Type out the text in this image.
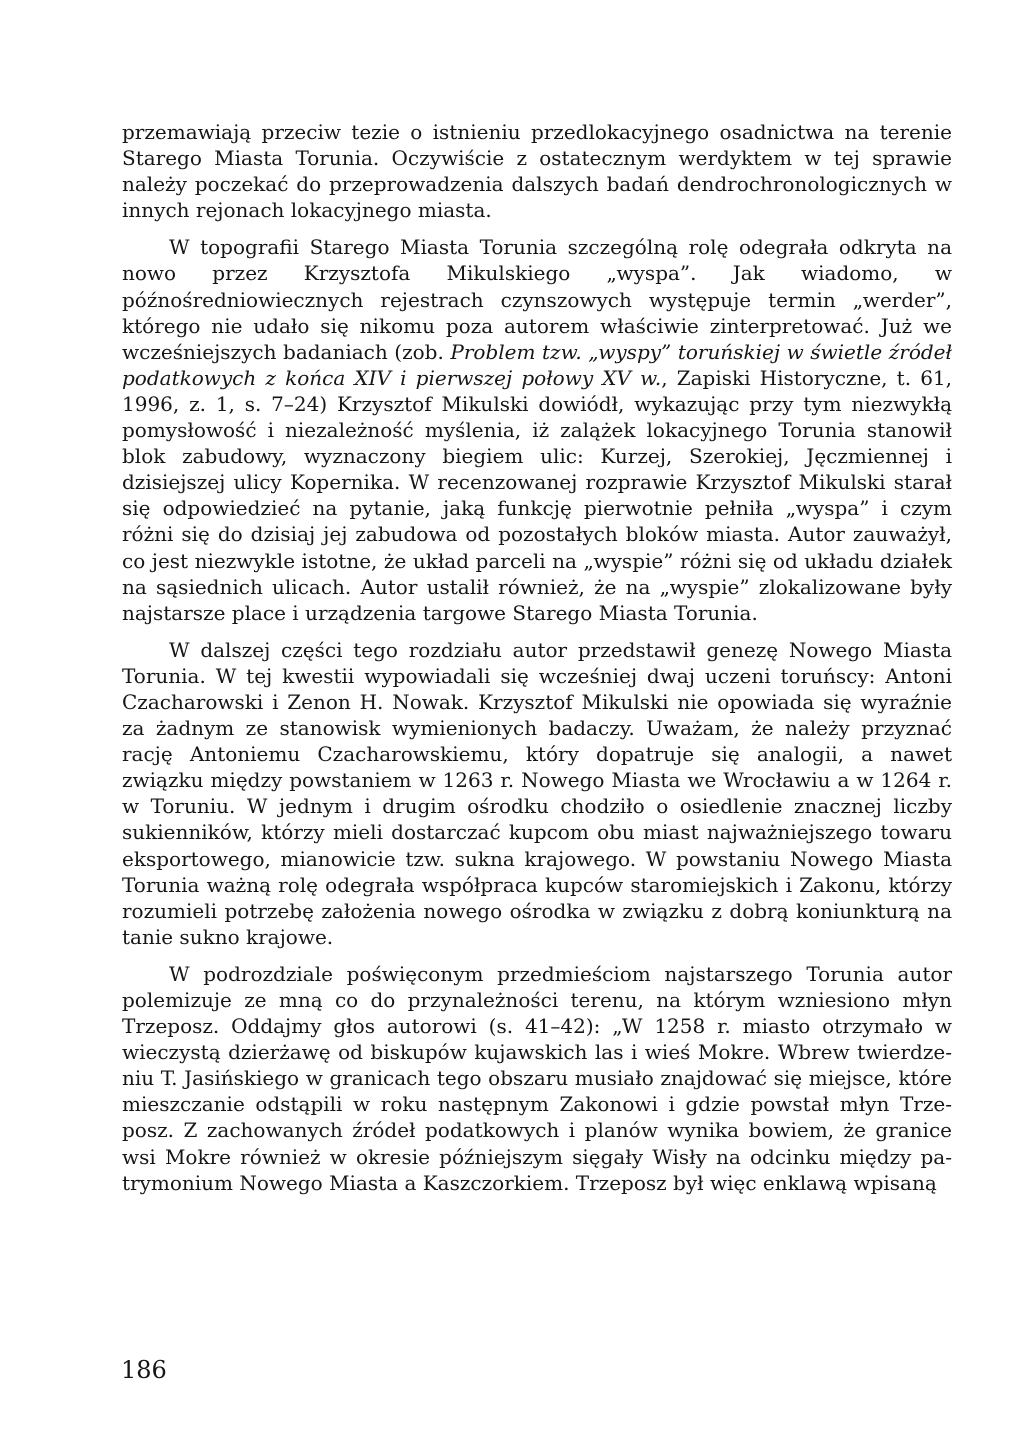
przemawiają przeciw tezie o istnieniu przedlokacyjnego osadnictwa na terenie Starego Miasta Torunia. Oczywiście z ostatecznym werdyktem w tej sprawie należy poczekać do przeprowadzenia dalszych badań dendrochronologicznych w innych rejonach lokacyjnego miasta.

W topografii Starego Miasta Torunia szczególną rolę odegrała odkryta na nowo przez Krzysztofa Mikulskiego „wyspa”. Jak wiadomo, w późnośredniowiecznych rejestrach czynszowych występuje termin „werder”, którego nie udało się nikomu poza autorem właściwie zinterpretować. Już we wcześniejszych badaniach (zob. Problem tzw. „wyspy” toruńskiej w świetle źródeł podatkowych z końca XIV i pierwszej połowy XV w., Zapiski Historyczne, t. 61, 1996, z. 1, s. 7–24) Krzysztof Mikulski dowiódł, wykazując przy tym niezwykłą pomysłowość i niezależność myślenia, iż zalążek lokacyjnego Torunia stanowił blok zabudowy, wyznaczony biegiem ulic: Kurzej, Szerokiej, Jęczmiennej i dzisiejszej ulicy Kopernika. W recenzowanej rozprawie Krzysztof Mikulski starał się odpowiedzieć na pytanie, jaką funkcję pierwotnie pełniła „wyspa” i czym różni się do dzisiaj jej zabudowa od pozostałych bloków miasta. Autor zauważył, co jest niezwykle istotne, że układ parceli na „wyspie” różni się od układu działek na sąsiednich ulicach. Autor ustalił również, że na „wyspie” zlokalizowane były najstarsze place i urządzenia targowe Starego Miasta Torunia.

W dalszej części tego rozdziału autor przedstawił genezę Nowego Miasta Torunia. W tej kwestii wypowiadali się wcześniej dwaj uczeni toruńscy: Antoni Czacharowski i Zenon H. Nowak. Krzysztof Mikulski nie opowiada się wyraźnie za żadnym ze stanowisk wymienionych badaczy. Uważam, że należy przyznać rację Antoniemu Czacharowskiemu, który dopatruje się analogii, a nawet związku między powstaniem w 1263 r. Nowego Miasta we Wrocławiu a w 1264 r. w Toruniu. W jednym i drugim ośrodku chodziło o osiedlenie znacznej liczby sukienników, którzy mieli dostarczać kupcom obu miast najważniejszego towaru eksportowego, mianowicie tzw. sukna krajowego. W powstaniu Nowego Miasta Torunia ważną rolę odegrała współpraca kupców staromiejskich i Zakonu, którzy rozumieli potrzebę założenia nowego ośrodka w związku z dobrą koniunkturą na tanie sukno krajowe.

W podrozdziale poświęconym przedmieściom najstarszego Torunia autor polemizuje ze mną co do przynależności terenu, na którym wzniesiono młyn Trzeposz. Oddajmy głos autorowi (s. 41–42): „W 1258 r. miasto otrzymało w wieczystą dzierżawę od biskupów kujawskich las i wieś Mokre. Wbrew twierdzeniu T. Jasińskiego w granicach tego obszaru musiało znajdować się miejsce, które mieszczanie odstąpili w roku następnym Zakonowi i gdzie powstał młyn Trzeposz. Z zachowanych źródeł podatkowych i planów wynika bowiem, że granice wsi Mokre również w okresie późniejszym sięgały Wisły na odcinku między patrymonium Nowego Miasta a Kaszczorkiem. Trzeposz był więc enklawą wpisaną

186
